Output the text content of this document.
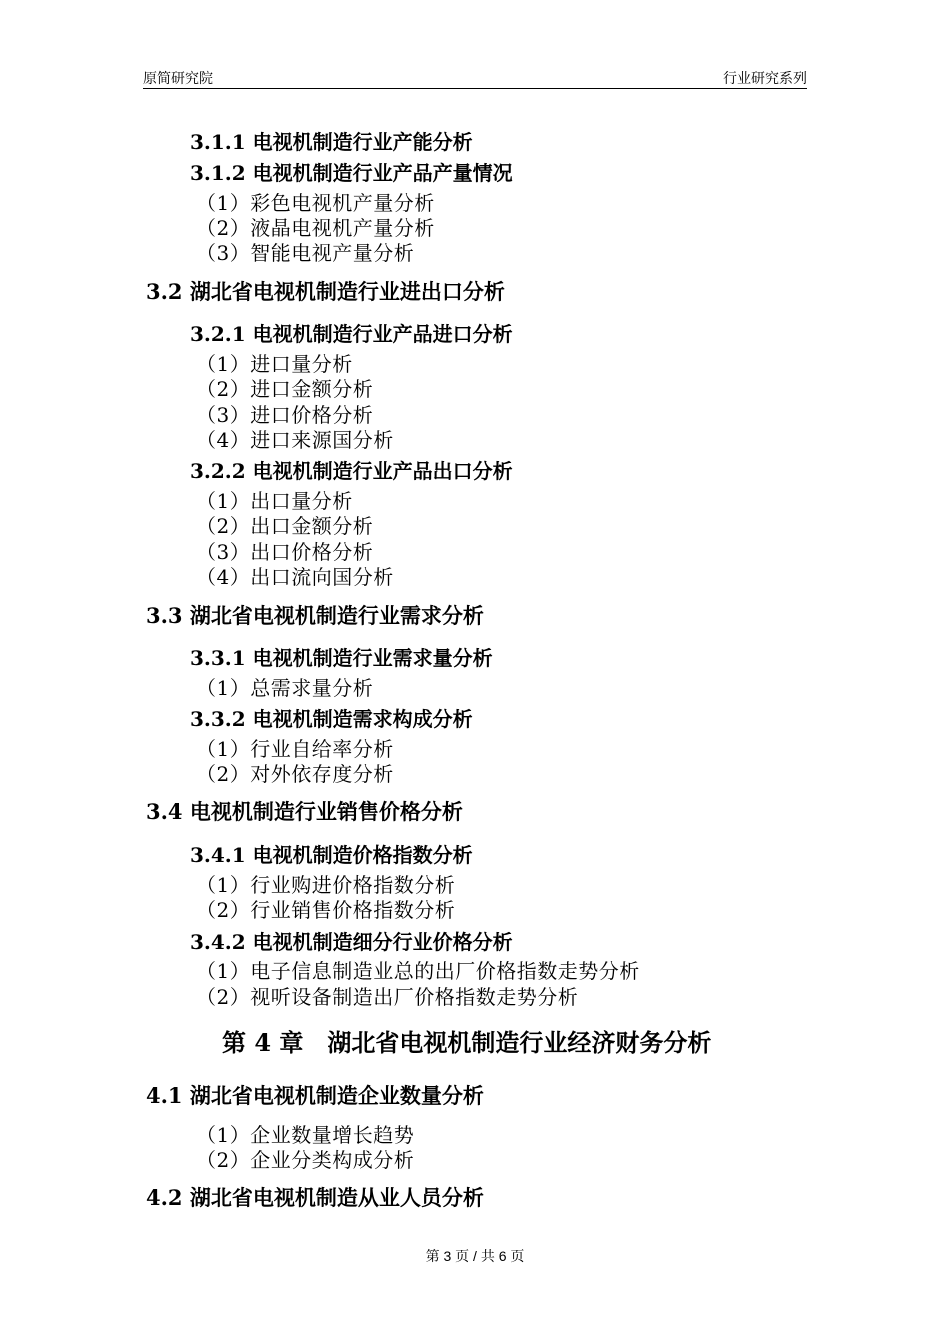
原简研究院	行业研究系列
3.1.1 电视机制造行业产能分析
3.1.2 电视机制造行业产品产量情况
（1）彩色电视机产量分析
（2）液晶电视机产量分析
（3）智能电视产量分析
3.2 湖北省电视机制造行业进出口分析
3.2.1 电视机制造行业产品进口分析
（1）进口量分析
（2）进口金额分析
（3）进口价格分析
（4）进口来源国分析
3.2.2 电视机制造行业产品出口分析
（1）出口量分析
（2）出口金额分析
（3）出口价格分析
（4）出口流向国分析
3.3 湖北省电视机制造行业需求分析
3.3.1 电视机制造行业需求量分析
（1）总需求量分析
3.3.2 电视机制造需求构成分析
（1）行业自给率分析
（2）对外依存度分析
3.4 电视机制造行业销售价格分析
3.4.1 电视机制造价格指数分析
（1）行业购进价格指数分析
（2）行业销售价格指数分析
3.4.2 电视机制造细分行业价格分析
（1）电子信息制造业总的出厂价格指数走势分析
（2）视听设备制造出厂价格指数走势分析
第 4 章　湖北省电视机制造行业经济财务分析
4.1 湖北省电视机制造企业数量分析
（1）企业数量增长趋势
（2）企业分类构成分析
4.2 湖北省电视机制造从业人员分析
第 3 页 / 共 6 页
